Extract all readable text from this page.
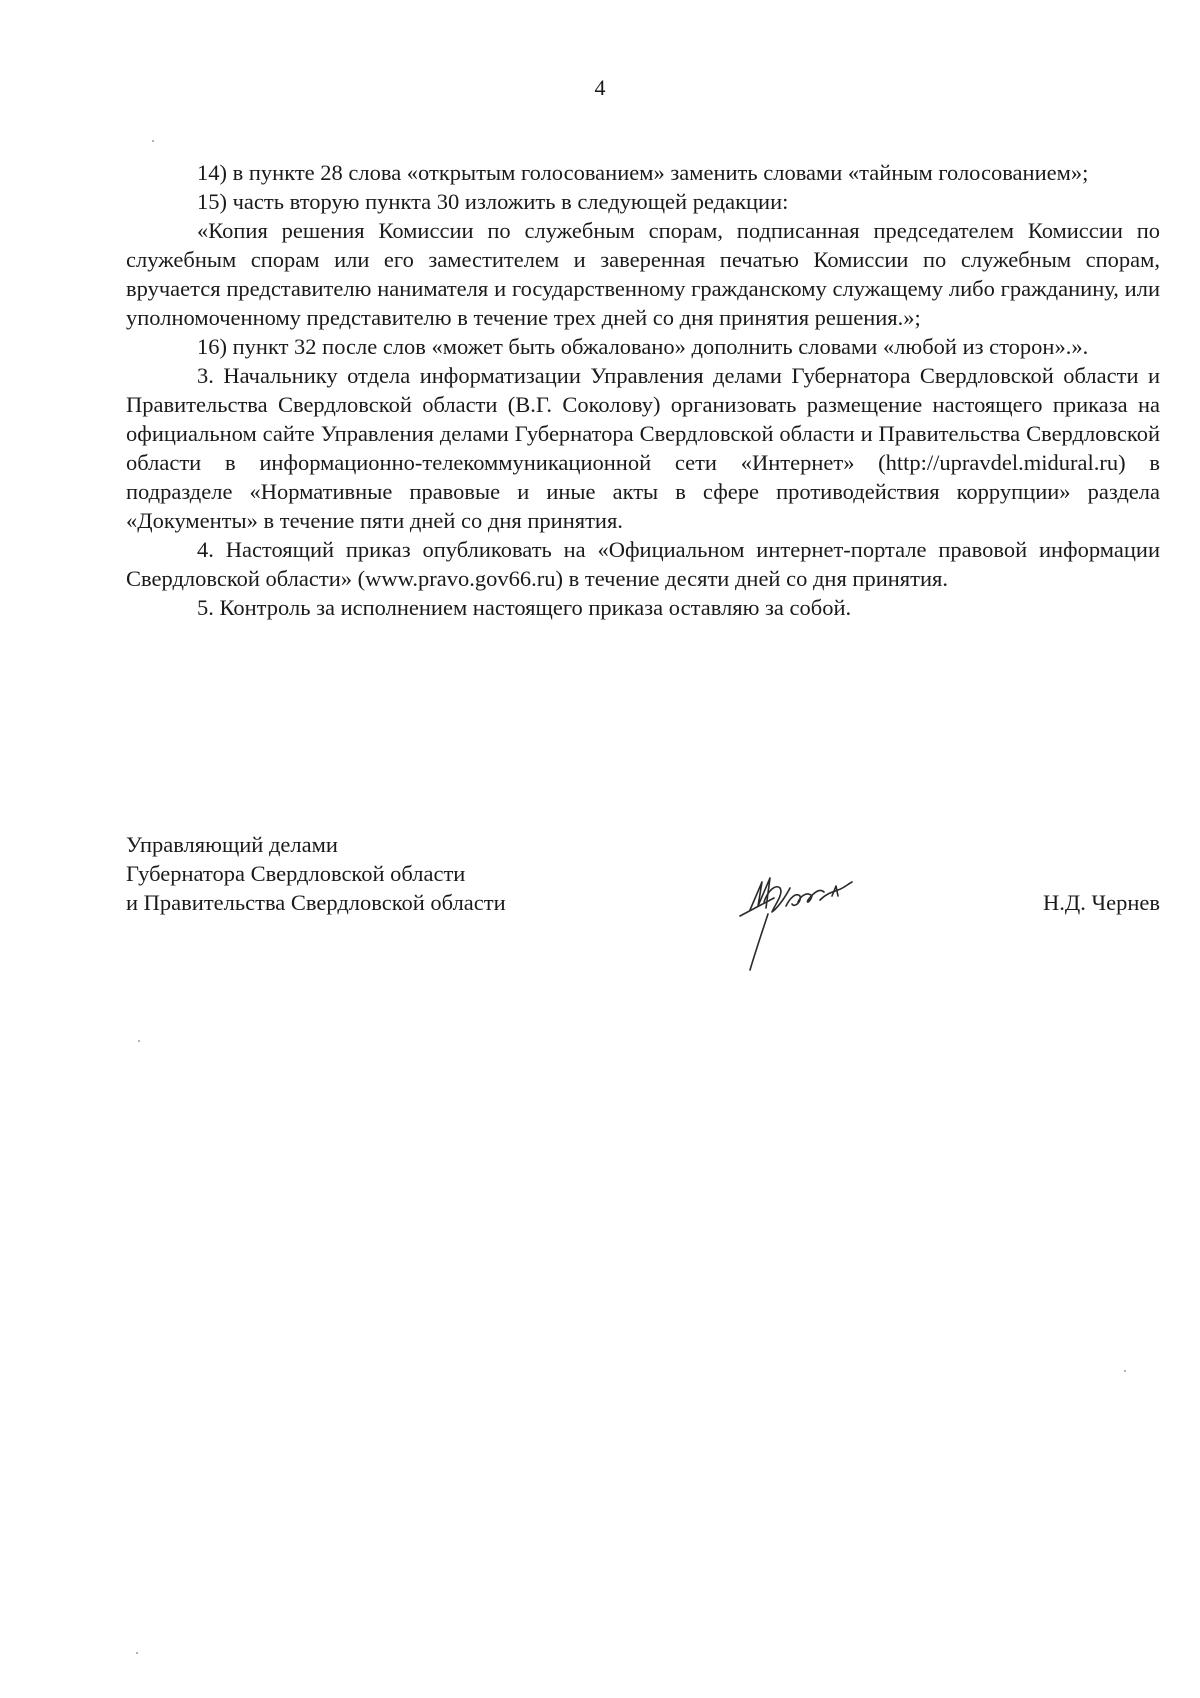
4

14) в пункте 28 слова «открытым голосованием» заменить словами «тайным голосованием»;

15) часть вторую пункта 30 изложить в следующей редакции:

«Копия решения Комиссии по служебным спорам, подписанная председателем Комиссии по служебным спорам или его заместителем и заверенная печатью Комиссии по служебным спорам, вручается представителю нанимателя и государственному гражданскому служащему либо гражданину, или уполномоченному представителю в течение трех дней со дня принятия решения.»;

16) пункт 32 после слов «может быть обжаловано» дополнить словами «любой из сторон».».

3. Начальнику отдела информатизации Управления делами Губернатора Свердловской области и Правительства Свердловской области (В.Г. Соколову) организовать размещение настоящего приказа на официальном сайте Управления делами Губернатора Свердловской области и Правительства Свердловской области в информационно-телекоммуникационной сети «Интернет» (http://upravdel.midural.ru) в подразделе «Нормативные правовые и иные акты в сфере противодействия коррупции» раздела «Документы» в течение пяти дней со дня принятия.

4. Настоящий приказ опубликовать на «Официальном интернет-портале правовой информации Свердловской области» (www.pravo.gov66.ru) в течение десяти дней со дня принятия.

5. Контроль за исполнением настоящего приказа оставляю за собой.

Управляющий делами
Губернатора Свердловской области
и Правительства Свердловской области	Н.Д. Чернев
